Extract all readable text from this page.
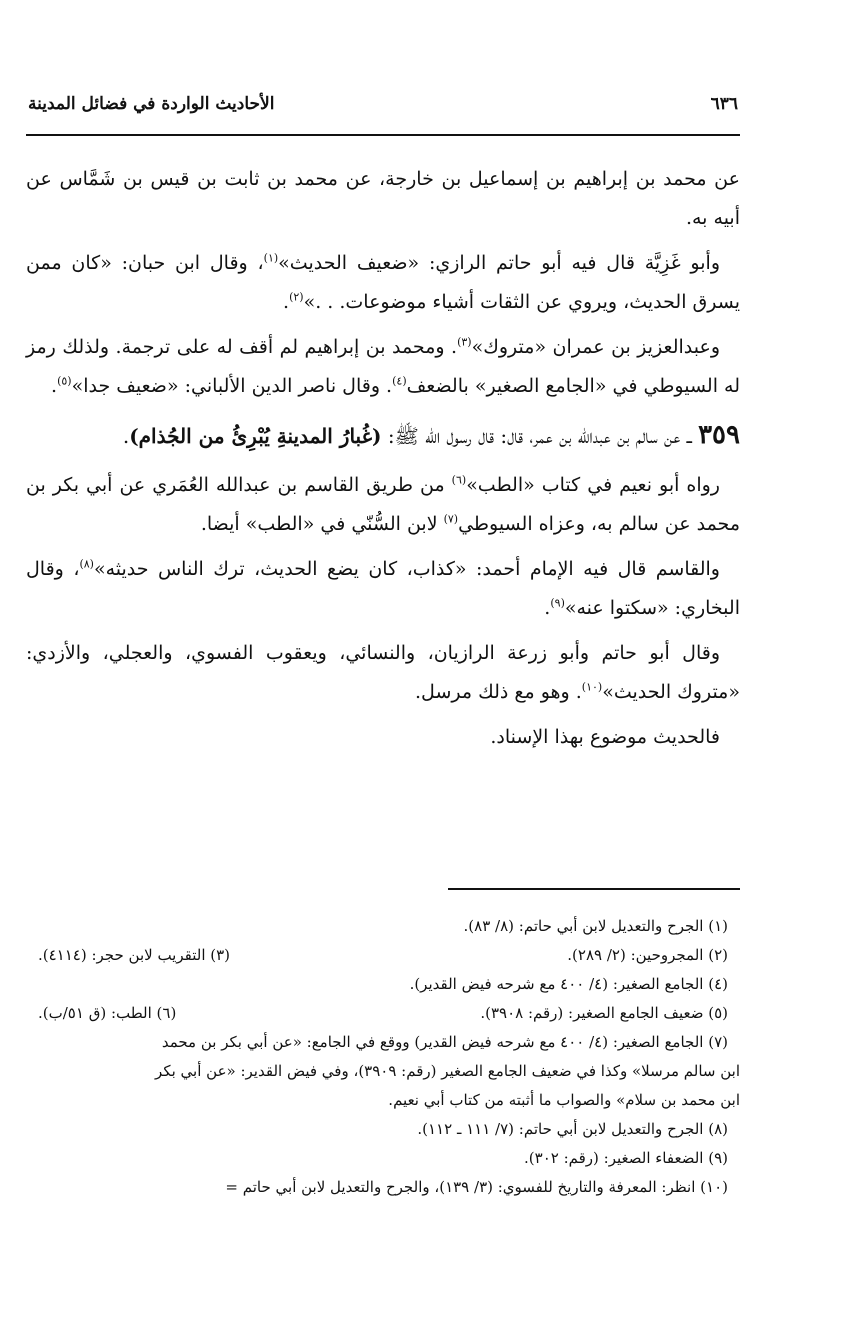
٦٣٦
الأحاديث الواردة في فضائل المدينة

عن محمد بن إبراهيم بن إسماعيل بن خارجة، عن محمد بن ثابت بن قيس بن شَمَّاس عن أبيه به.

وأبو غَزِيَّة قال فيه أبو حاتم الرازي: «ضعيف الحديث»$^{(١)}$، وقال ابن حبان: «كان ممن يسرق الحديث، ويروي عن الثقات أشياء موضوعات. . .»$^{(٢)}$.

وعبدالعزيز بن عمران «متروك»$^{(٣)}$. ومحمد بن إبراهيم لم أقف له على ترجمة. ولذلك رمز له السيوطي في «الجامع الصغير» بالضعف$^{(٤)}$. وقال ناصر الدين الألباني: «ضعيف جدا»$^{(٥)}$.

٣٥٩ ــ عن سالم بن عبدالله بن عمر، قال: قال رسول الله ﷺ: (غُبارُ المدينةِ يُبْرِئُ من الجُذام).

رواه أبو نعيم في كتاب «الطب»$^{(٦)}$ من طريق القاسم بن عبدالله العُمَري عن أبي بكر بن محمد عن سالم به، وعزاه السيوطي$^{(٧)}$ لابن السُّنّي في «الطب» أيضا.

والقاسم قال فيه الإمام أحمد: «كذاب، كان يضع الحديث، ترك الناس حديثه»$^{(٨)}$، وقال البخاري: «سكتوا عنه»$^{(٩)}$.

وقال أبو حاتم وأبو زرعة الرازيان، والنسائي، ويعقوب الفسوي، والعجلي، والأزدي: «متروك الحديث»$^{(١٠)}$. وهو مع ذلك مرسل.

فالحديث موضوع بهذا الإسناد.

(١) الجرح والتعديل لابن أبي حاتم: (٨/ ٨٣).

(٢) المجروحين: (٢/ ٢٨٩).
(٣) التقريب لابن حجر: (٤١١٤).

(٤) الجامع الصغير: (٤/ ٤٠٠ مع شرحه فيض القدير).

(٥) ضعيف الجامع الصغير: (رقم: ٣٩٠٨).
(٦) الطب: (ق ٥١/ب).

(٧) الجامع الصغير: (٤/ ٤٠٠ مع شرحه فيض القدير) ووقع في الجامع: «عن أبي بكر بن محمد

ابن سالم مرسلا» وكذا في ضعيف الجامع الصغير (رقم: ٣٩٠٩)، وفي فيض القدير: «عن أبي بكر

ابن محمد بن سلام» والصواب ما أثبته من كتاب أبي نعيم.

(٨) الجرح والتعديل لابن أبي حاتم: (٧/ ١١١ ـ ١١٢).

(٩) الضعفاء الصغير: (رقم: ٣٠٢).

(١٠) انظر: المعرفة والتاريخ للفسوي: (٣/ ١٣٩)، والجرح والتعديل لابن أبي حاتم =
